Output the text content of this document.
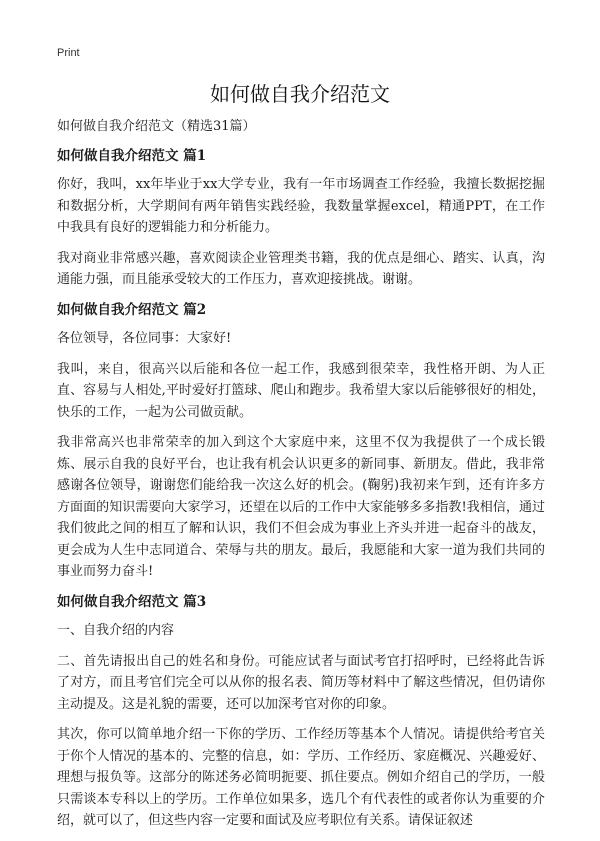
Print
如何做自我介绍范文

如何做自我介绍范文（精选31篇）

如何做自我介绍范文 篇1

你好，我叫，xx年毕业于xx大学专业，我有一年市场调查工作经验，我擅长数据挖掘和数据分析，大学期间有两年销售实践经验，我数量掌握excel，精通PPT，在工作中我具有良好的逻辑能力和分析能力。

我对商业非常感兴趣，喜欢阅读企业管理类书籍，我的优点是细心、踏实、认真，沟通能力强，而且能承受较大的工作压力，喜欢迎接挑战。谢谢。

如何做自我介绍范文 篇2

各位领导，各位同事：大家好!

我叫，来自，很高兴以后能和各位一起工作，我感到很荣幸，我性格开朗、为人正直、容易与人相处,平时爱好打篮球、爬山和跑步。我希望大家以后能够很好的相处，快乐的工作，一起为公司做贡献。

我非常高兴也非常荣幸的加入到这个大家庭中来，这里不仅为我提供了一个成长锻炼、展示自我的良好平台，也让我有机会认识更多的新同事、新朋友。借此，我非常感谢各位领导，谢谢您们能给我一次这么好的机会。(鞠躬)我初来乍到，还有许多方方面面的知识需要向大家学习，还望在以后的工作中大家能够多多指教!我相信，通过我们彼此之间的相互了解和认识，我们不但会成为事业上齐头并进一起奋斗的战友，更会成为人生中志同道合、荣辱与共的朋友。最后，我愿能和大家一道为我们共同的事业而努力奋斗!

如何做自我介绍范文 篇3

一、自我介绍的内容

二、首先请报出自己的姓名和身份。可能应试者与面试考官打招呼时，已经将此告诉了对方，而且考官们完全可以从你的报名表、简历等材料中了解这些情况，但仍请你主动提及。这是礼貌的需要，还可以加深考官对你的印象。

其次，你可以简单地介绍一下你的学历、工作经历等基本个人情况。请提供给考官关于你个人情况的基本的、完整的信息，如：学历、工作经历、家庭概况、兴趣爱好、理想与报负等。这部分的陈述务必简明扼要、抓住要点。例如介绍自己的学历，一般只需谈本专科以上的学历。工作单位如果多，选几个有代表性的或者你认为重要的介绍，就可以了，但这些内容一定要和面试及应考职位有关系。请保证叙述
